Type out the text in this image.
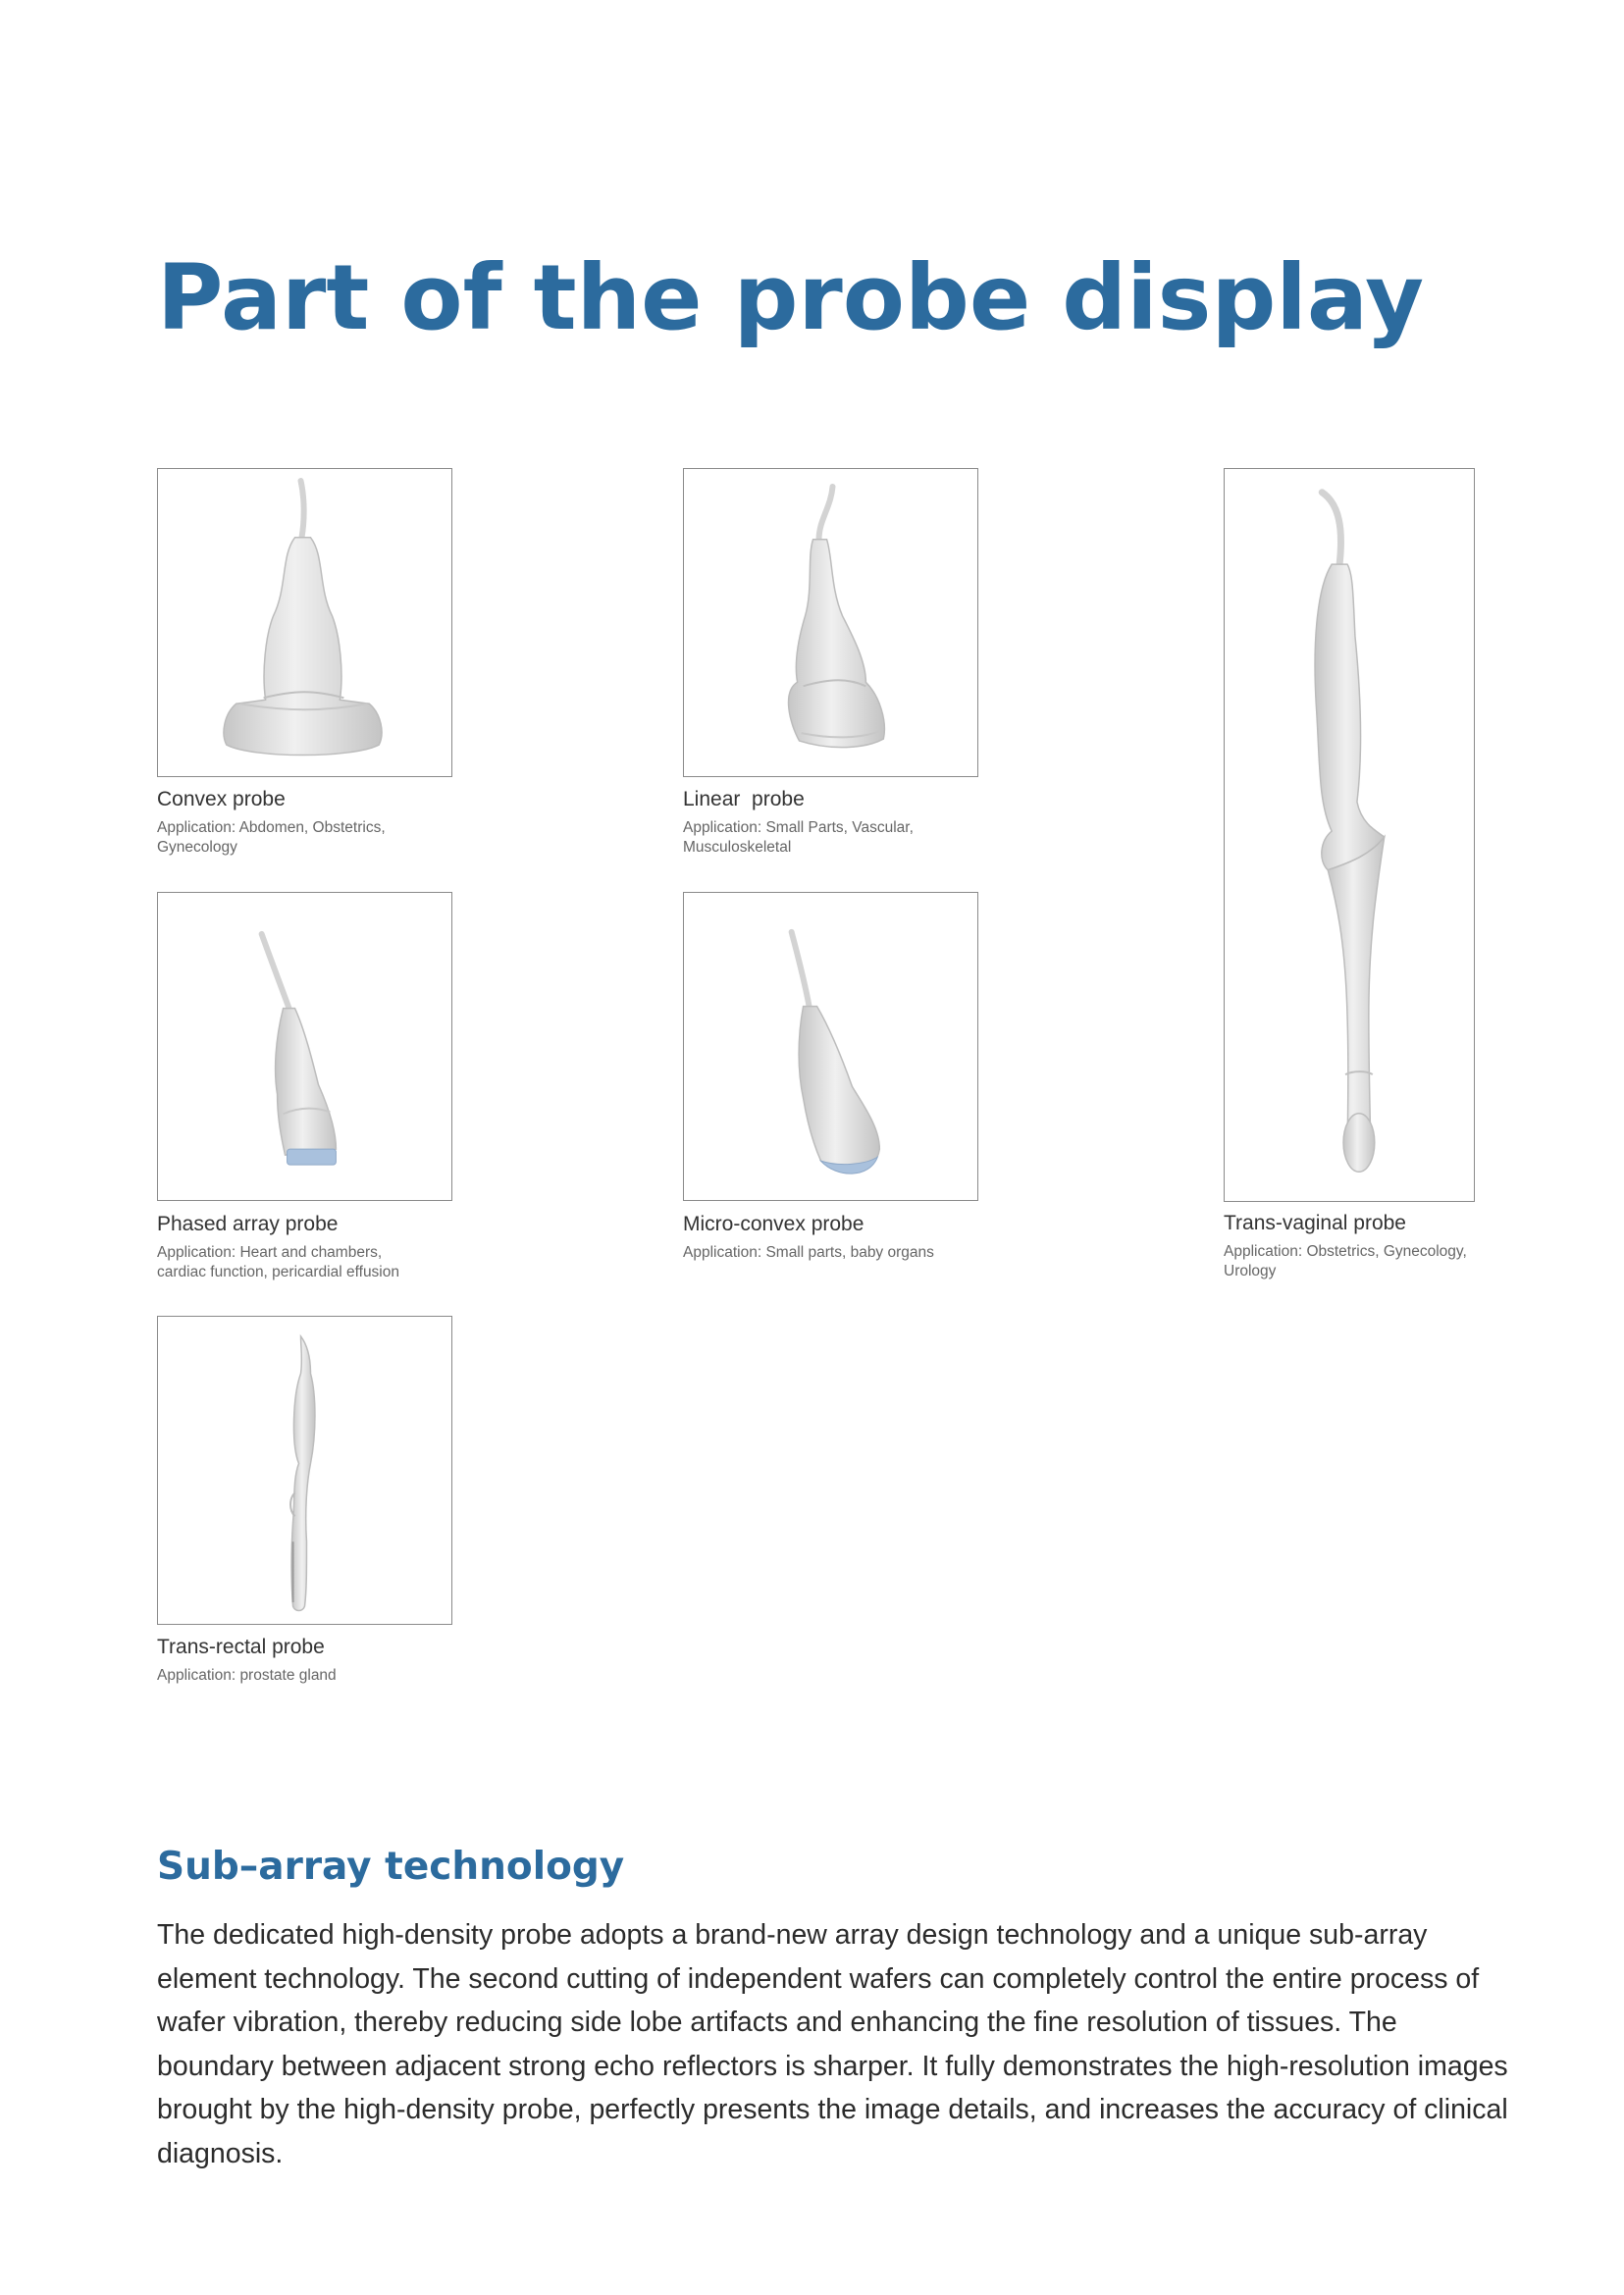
Part of the probe display
Convex probe
Application: Abdomen, Obstetrics,
Gynecology
Linear  probe
Application: Small Parts, Vascular,
Musculoskeletal
Trans-vaginal probe
Application: Obstetrics, Gynecology,
Urology
Phased array probe
Application: Heart and chambers,
cardiac function, pericardial effusion
Micro-convex probe
Application: Small parts, baby organs
Trans-rectal probe
Application: prostate gland
Sub–array technology

The dedicated high-density probe adopts a brand-new array design technology and a unique sub-array element technology. The second cutting of independent wafers can completely control the entire process of wafer vibration, thereby reducing side lobe artifacts and enhancing the fine resolution of tissues. The boundary between adjacent strong echo reflectors is sharper. It fully demonstrates the high-resolution images brought by the high-density probe, perfectly presents the image details, and increases the accuracy of clinical diagnosis.
